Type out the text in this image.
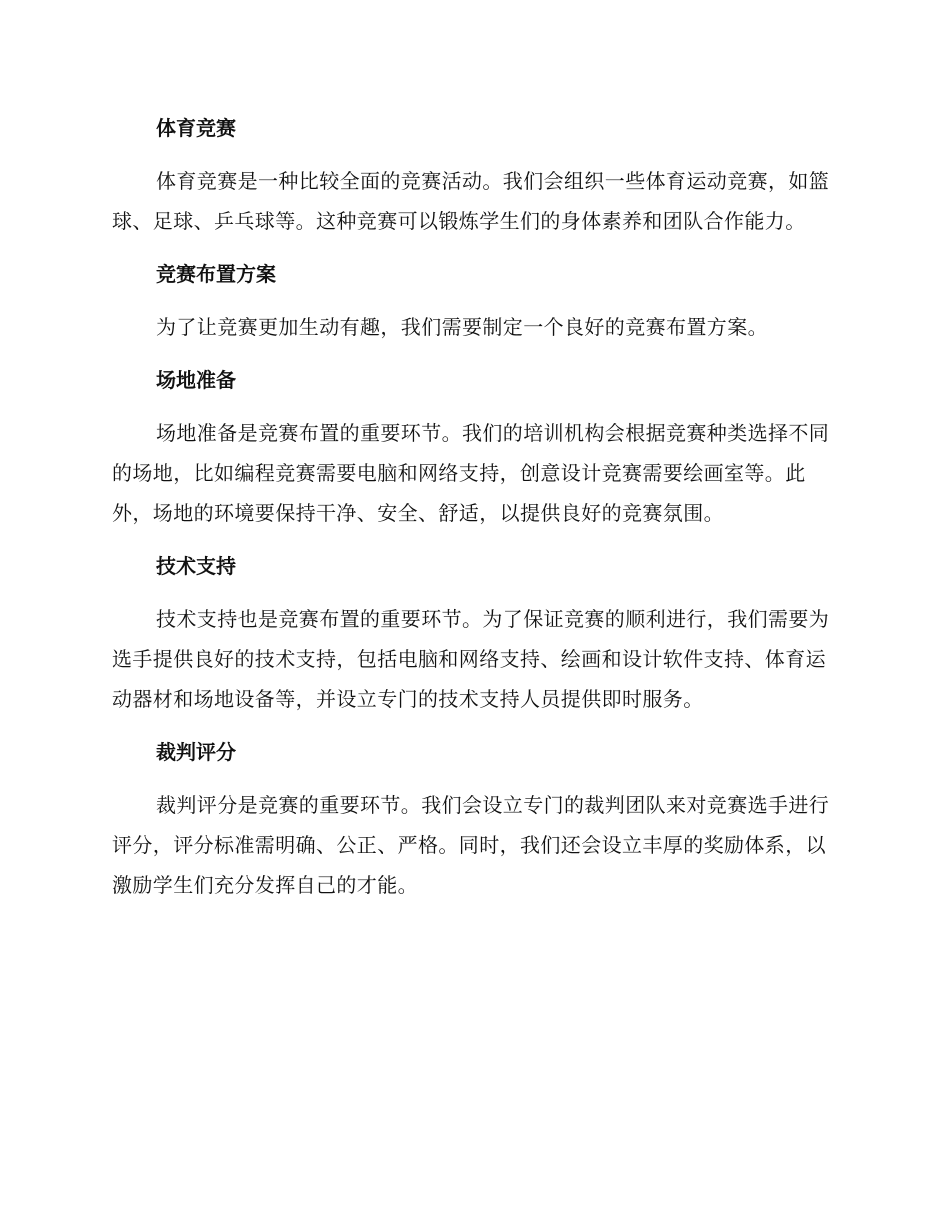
体育竞赛

体育竞赛是一种比较全面的竞赛活动。我们会组织一些体育运动竞赛，如篮球、足球、乒乓球等。这种竞赛可以锻炼学生们的身体素养和团队合作能力。

竞赛布置方案

为了让竞赛更加生动有趣，我们需要制定一个良好的竞赛布置方案。

场地准备

场地准备是竞赛布置的重要环节。我们的培训机构会根据竞赛种类选择不同的场地，比如编程竞赛需要电脑和网络支持，创意设计竞赛需要绘画室等。此外，场地的环境要保持干净、安全、舒适，以提供良好的竞赛氛围。

技术支持

技术支持也是竞赛布置的重要环节。为了保证竞赛的顺利进行，我们需要为选手提供良好的技术支持，包括电脑和网络支持、绘画和设计软件支持、体育运动器材和场地设备等，并设立专门的技术支持人员提供即时服务。

裁判评分

裁判评分是竞赛的重要环节。我们会设立专门的裁判团队来对竞赛选手进行评分，评分标准需明确、公正、严格。同时，我们还会设立丰厚的奖励体系，以激励学生们充分发挥自己的才能。
